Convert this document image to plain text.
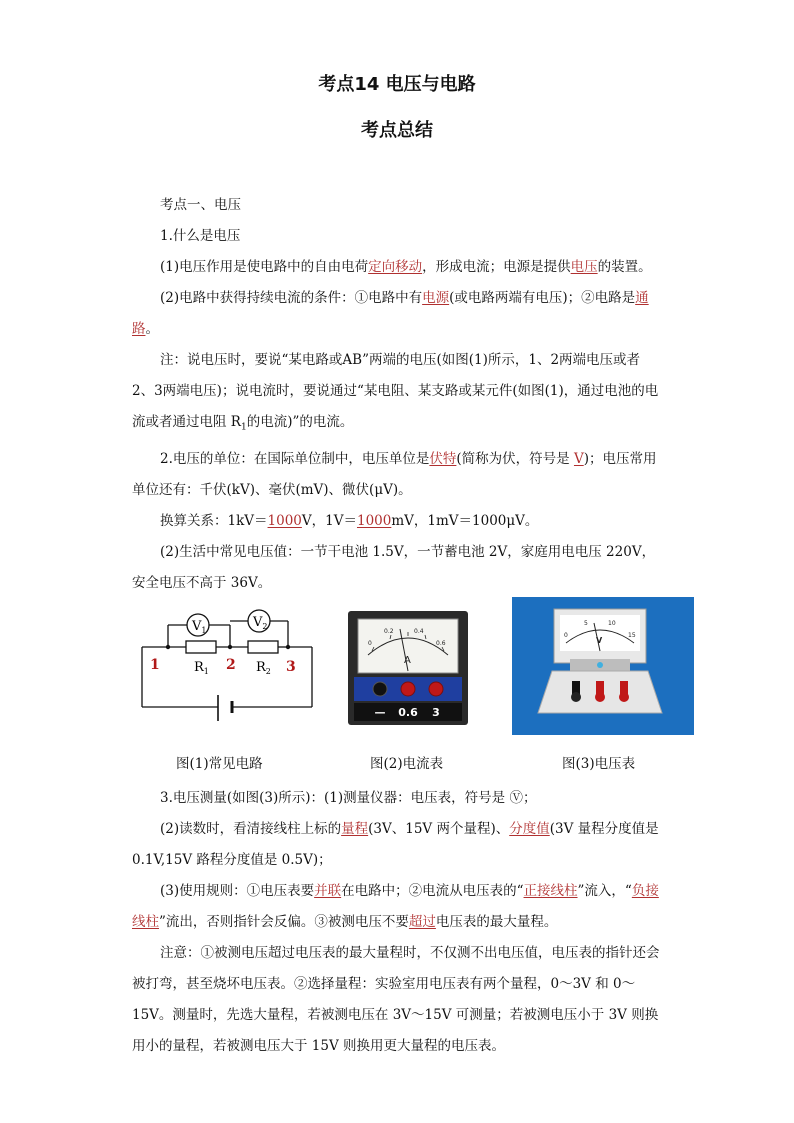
考点14 电压与电路
考点总结

考点一、电压

1.什么是电压

(1)电压作用是使电路中的自由电荷定向移动，形成电流；电源是提供电压的装置。

(2)电路中获得持续电流的条件：①电路中有电源(或电路两端有电压)；②电路是通路。

注：说电压时，要说“某电路或AB”两端的电压(如图(1)所示，1、2两端电压或者 2、3两端电压)；说电流时，要说通过“某电阻、某支路或某元件(如图(1)，通过电池的电流或者通过电阻 $R_1$的电流)”的电流。

2.电压的单位：在国际单位制中，电压单位是伏特(简称为伏，符号是 V)；电压常用单位还有：千伏(kV)、毫伏(mV)、微伏(μV)。

换算关系：1kV＝1000V，1V＝1000mV，1mV＝1000μV。

(2)生活中常见电压值：一节干电池 1.5V，一节蓄电池 2V，家庭用电电压 220V，安全电压不高于 36V。

$V_1$
$V_2$
$R_1$	$R_2$
1	2	3
0
0.2	0.4
0.6
A
— 0.6 3
0
5	10
15
V
图(1)常见电路	图(2)电流表	图(3)电压表

3.电压测量(如图(3)所示)：(1)测量仪器：电压表，符号是 Ⓥ；

(2)读数时，看清接线柱上标的量程(3V、15V 两个量程)、分度值(3V 量程分度值是 0.1V,15V 路程分度值是 0.5V)；

(3)使用规则：①电压表要并联在电路中；②电流从电压表的“正接线柱”流入，“负接线柱”流出，否则指针会反偏。③被测电压不要超过电压表的最大量程。

注意：①被测电压超过电压表的最大量程时，不仅测不出电压值，电压表的指针还会被打弯，甚至烧坏电压表。②选择量程：实验室用电压表有两个量程，0～3V 和 0～15V。测量时，先选大量程，若被测电压在 3V～15V 可测量；若被测电压小于 3V 则换用小的量程，若被测电压大于 15V 则换用更大量程的电压表。
